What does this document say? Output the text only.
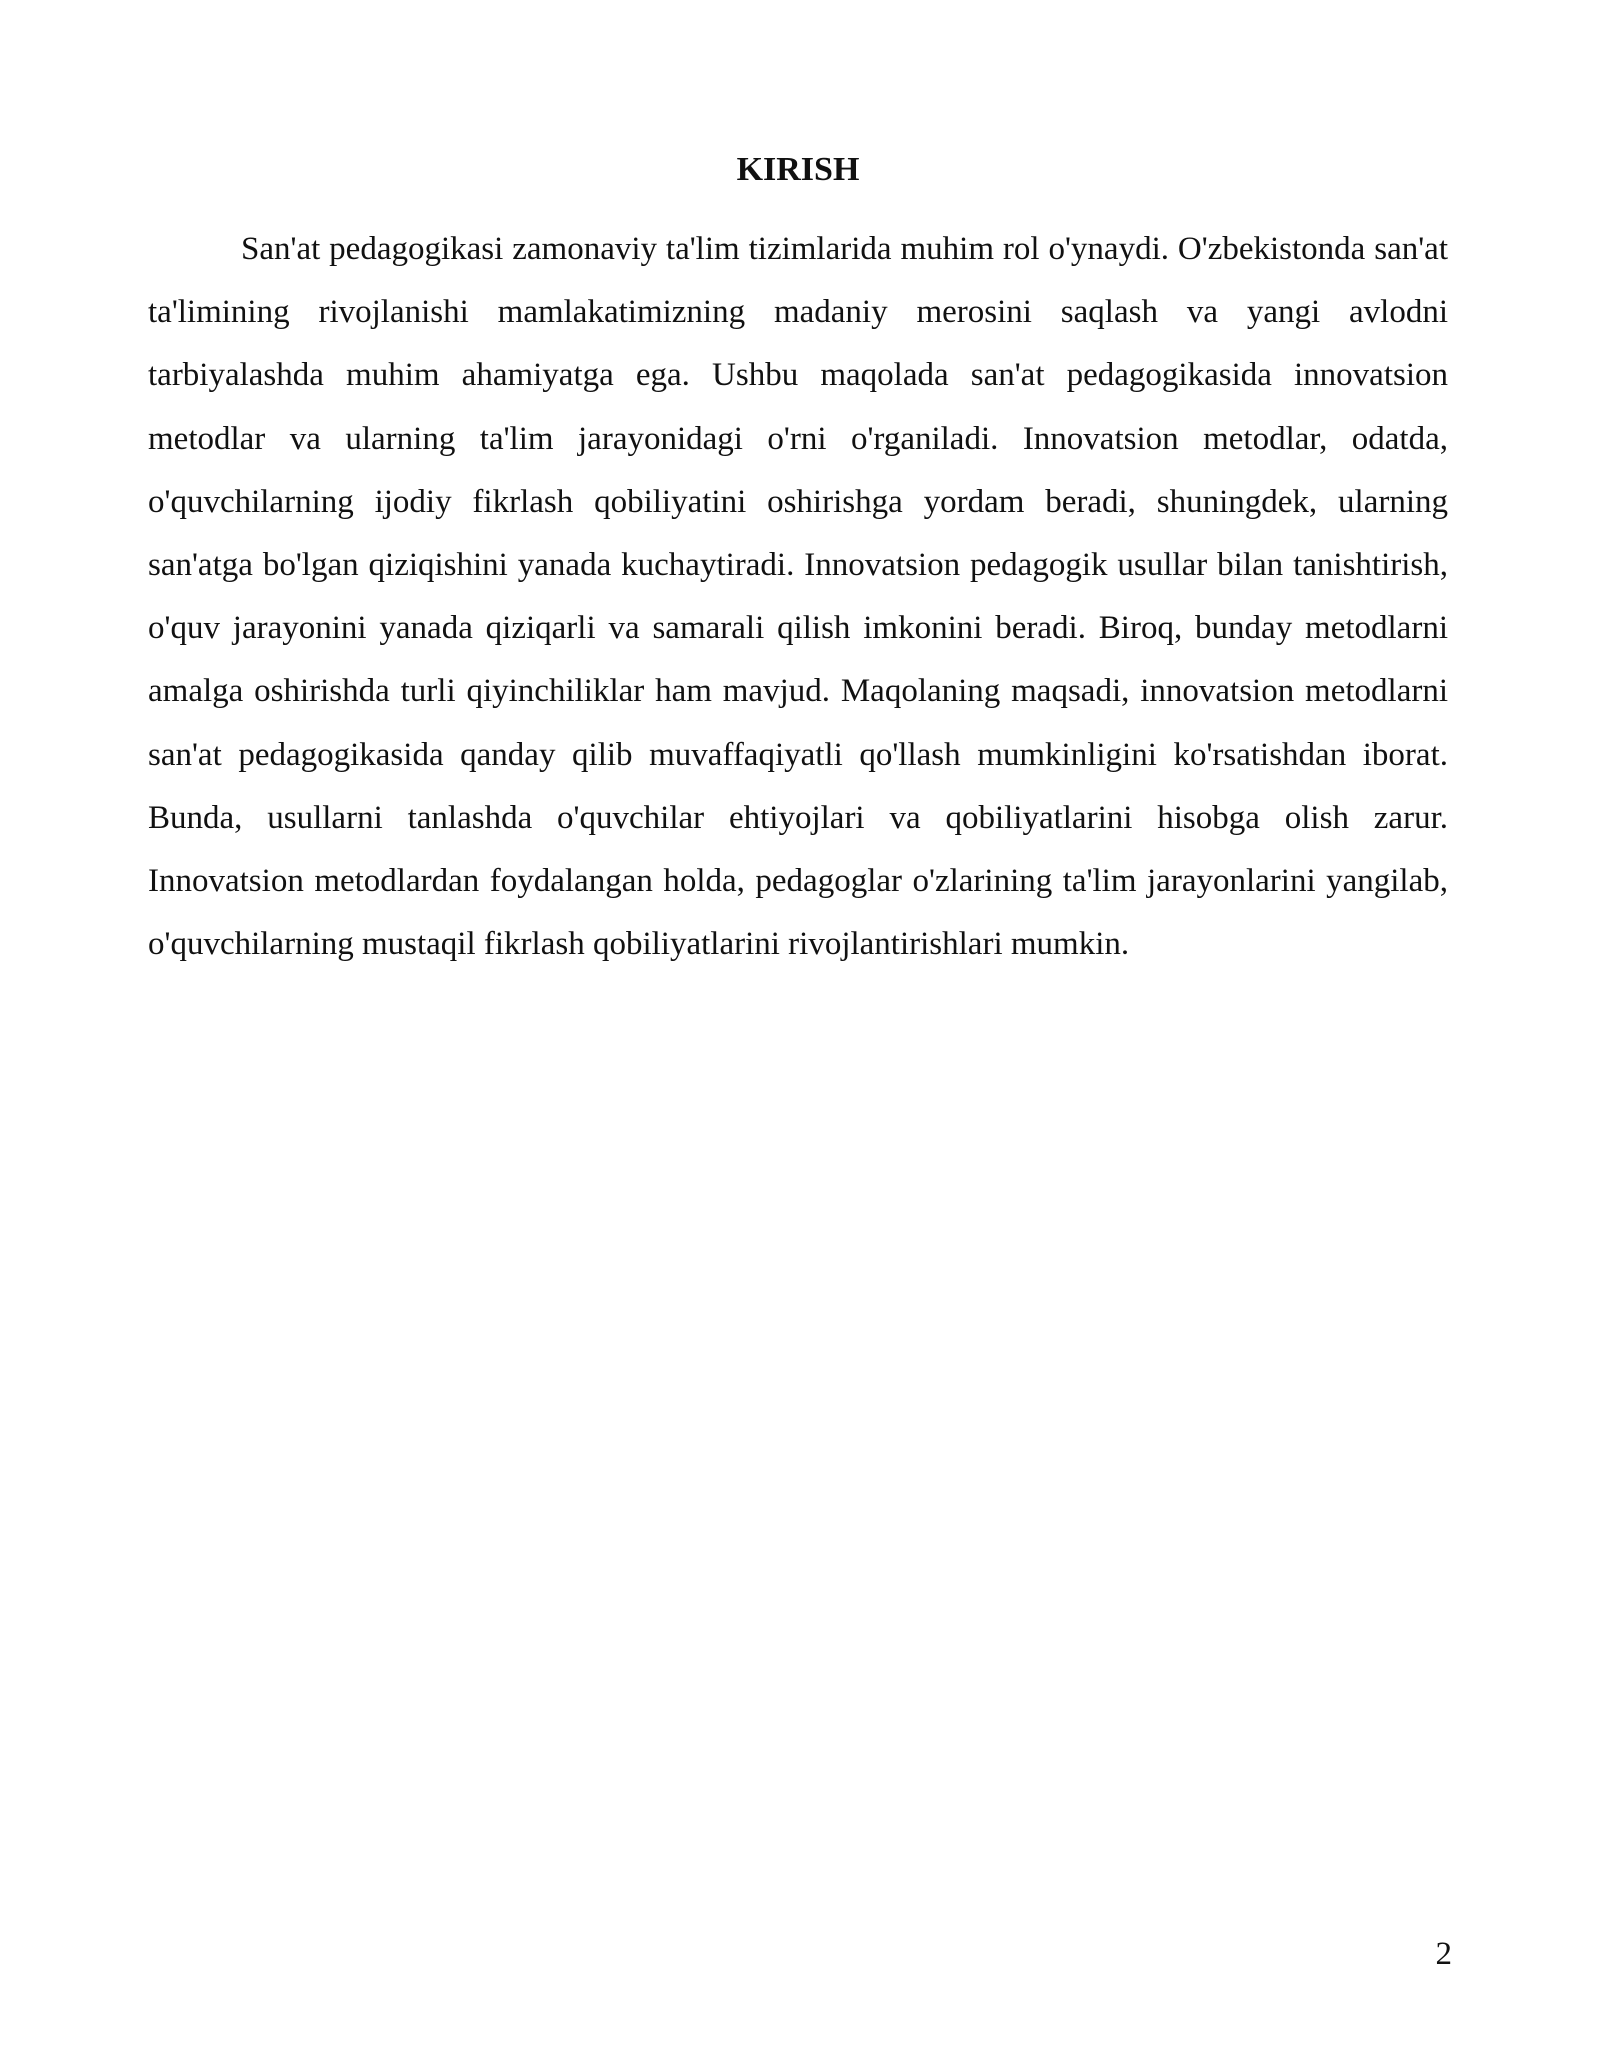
KIRISH

San'at pedagogikasi zamonaviy ta'lim tizimlarida muhim rol o'ynaydi. O'zbekistonda san'at ta'limining rivojlanishi mamlakatimizning madaniy merosini saqlash va yangi avlodni tarbiyalashda muhim ahamiyatga ega. Ushbu maqolada san'at pedagogikasida innovatsion metodlar va ularning ta'lim jarayonidagi o'rni o'rganiladi. Innovatsion metodlar, odatda, o'quvchilarning ijodiy fikrlash qobiliyatini oshirishga yordam beradi, shuningdek, ularning san'atga bo'lgan qiziqishini yanada kuchaytiradi. Innovatsion pedagogik usullar bilan tanishtirish, o'quv jarayonini yanada qiziqarli va samarali qilish imkonini beradi. Biroq, bunday metodlarni amalga oshirishda turli qiyinchiliklar ham mavjud. Maqolaning maqsadi, innovatsion metodlarni san'at pedagogikasida qanday qilib muvaffaqiyatli qo'llash mumkinligini ko'rsatishdan iborat. Bunda, usullarni tanlashda o'quvchilar ehtiyojlari va qobiliyatlarini hisobga olish zarur. Innovatsion metodlardan foydalangan holda, pedagoglar o'zlarining ta'lim jarayonlarini yangilab, o'quvchilarning mustaqil fikrlash qobiliyatlarini rivojlantirishlari mumkin.

2
